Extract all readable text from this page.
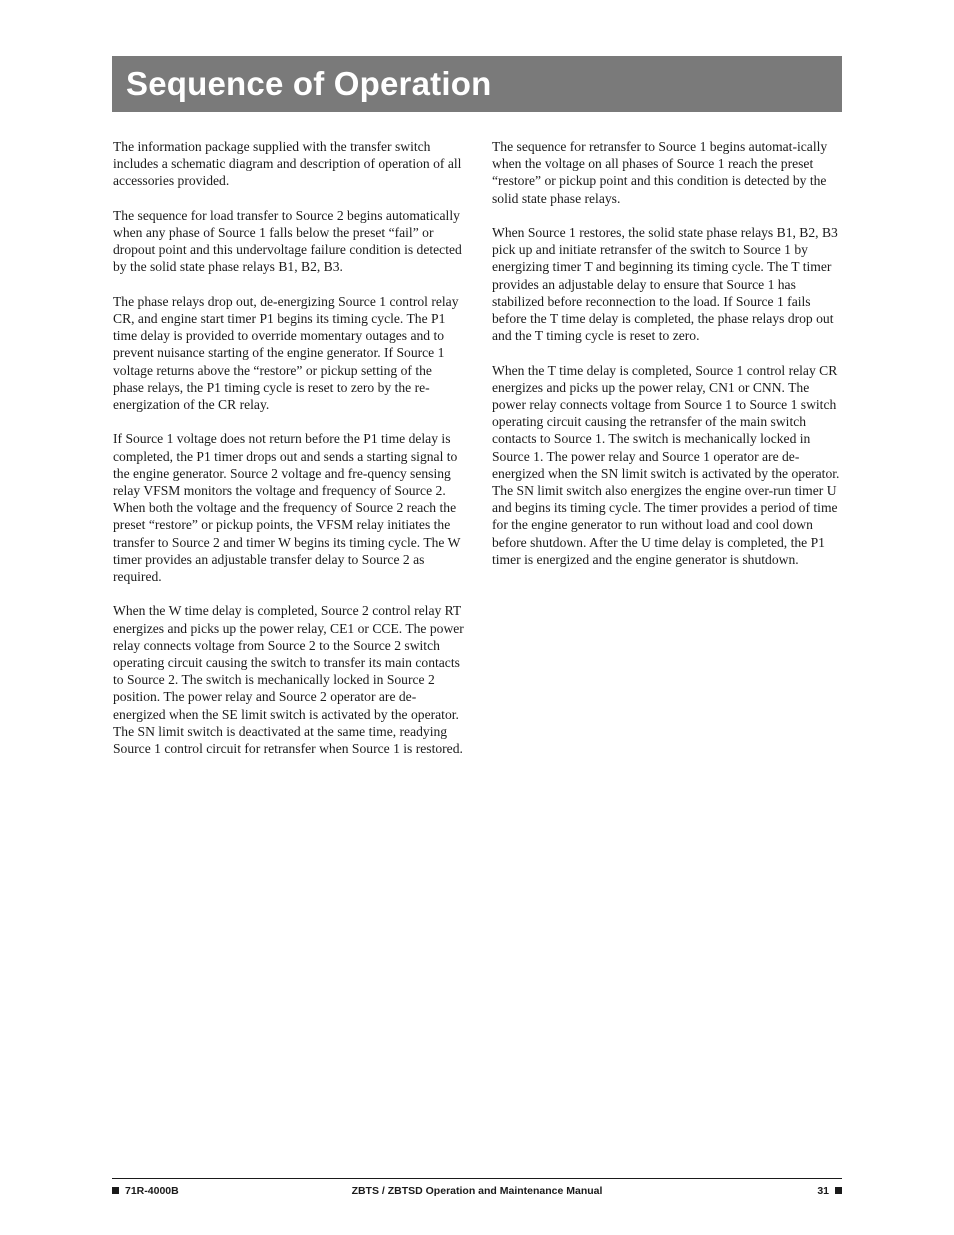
Sequence of Operation

The information package supplied with the transfer switch includes a schematic diagram and description of operation of all accessories provided.

The sequence for load transfer to Source 2 begins automatically when any phase of Source 1 falls below the preset “fail” or dropout point and this undervoltage failure condition is detected by the solid state phase relays B1, B2, B3.

The phase relays drop out, de-energizing Source 1 control relay CR, and engine start timer P1 begins its timing cycle. The P1 time delay is provided to override momentary outages and to prevent nuisance starting of the engine generator. If Source 1 voltage returns above the “restore” or pickup setting of the phase relays, the P1 timing cycle is reset to zero by the re-energization of the CR relay.

If Source 1 voltage does not return before the P1 time delay is completed, the P1 timer drops out and sends a starting signal to the engine generator. Source 2 voltage and fre-quency sensing relay VFSM monitors the voltage and frequency of Source 2. When both the voltage and the frequency of Source 2 reach the preset “restore” or pickup points, the VFSM relay initiates the transfer to Source 2 and timer W begins its timing cycle. The W timer provides an adjustable transfer delay to Source 2 as required.

When the W time delay is completed, Source 2 control relay RT energizes and picks up the power relay, CE1 or CCE. The power relay connects voltage from Source 2 to the Source 2 switch operating circuit causing the switch to transfer its main contacts to Source 2. The switch is mechanically locked in Source 2 position. The power relay and Source 2 operator are de-energized when the SE limit switch is activated by the operator. The SN limit switch is deactivated at the same time, readying Source 1 control circuit for retransfer when Source 1 is restored.

The sequence for retransfer to Source 1 begins automat-ically when the voltage on all phases of Source 1 reach the preset “restore” or pickup point and this condition is detected by the solid state phase relays.

When Source 1 restores, the solid state phase relays B1, B2, B3 pick up and initiate retransfer of the switch to Source 1 by energizing timer T and beginning its timing cycle. The T timer provides an adjustable delay to ensure that Source 1 has stabilized before reconnection to the load. If Source 1 fails before the T time delay is completed, the phase relays drop out and the T timing cycle is reset to zero.

When the T time delay is completed, Source 1 control relay CR energizes and picks up the power relay, CN1 or CNN. The power relay connects voltage from Source 1 to Source 1 switch operating circuit causing the retransfer of the main switch contacts to Source 1. The switch is mechanically locked in Source 1. The power relay and Source 1 operator are de-energized when the SN limit switch is activated by the operator. The SN limit switch also energizes the engine over-run timer U and begins its timing cycle. The timer provides a period of time for the engine generator to run without load and cool down before shutdown. After the U time delay is completed, the P1 timer is energized and the engine generator is shutdown.

71R-4000B	ZBTS / ZBTSD Operation and Maintenance Manual	31
